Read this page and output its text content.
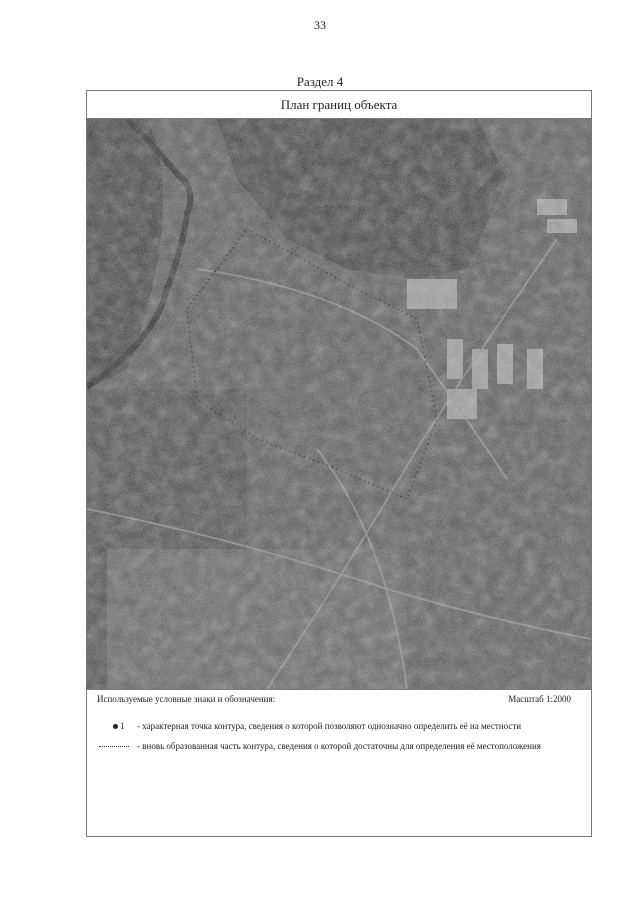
33
Раздел 4
План границ объекта
Используемые условные знаки и обозначения:	Масштаб 1:2000
1	- характерная точка контура, сведения о которой позволяют однозначно определить её на местности
- вновь образованная часть контура, сведения о которой достаточны для определения её местоположения
